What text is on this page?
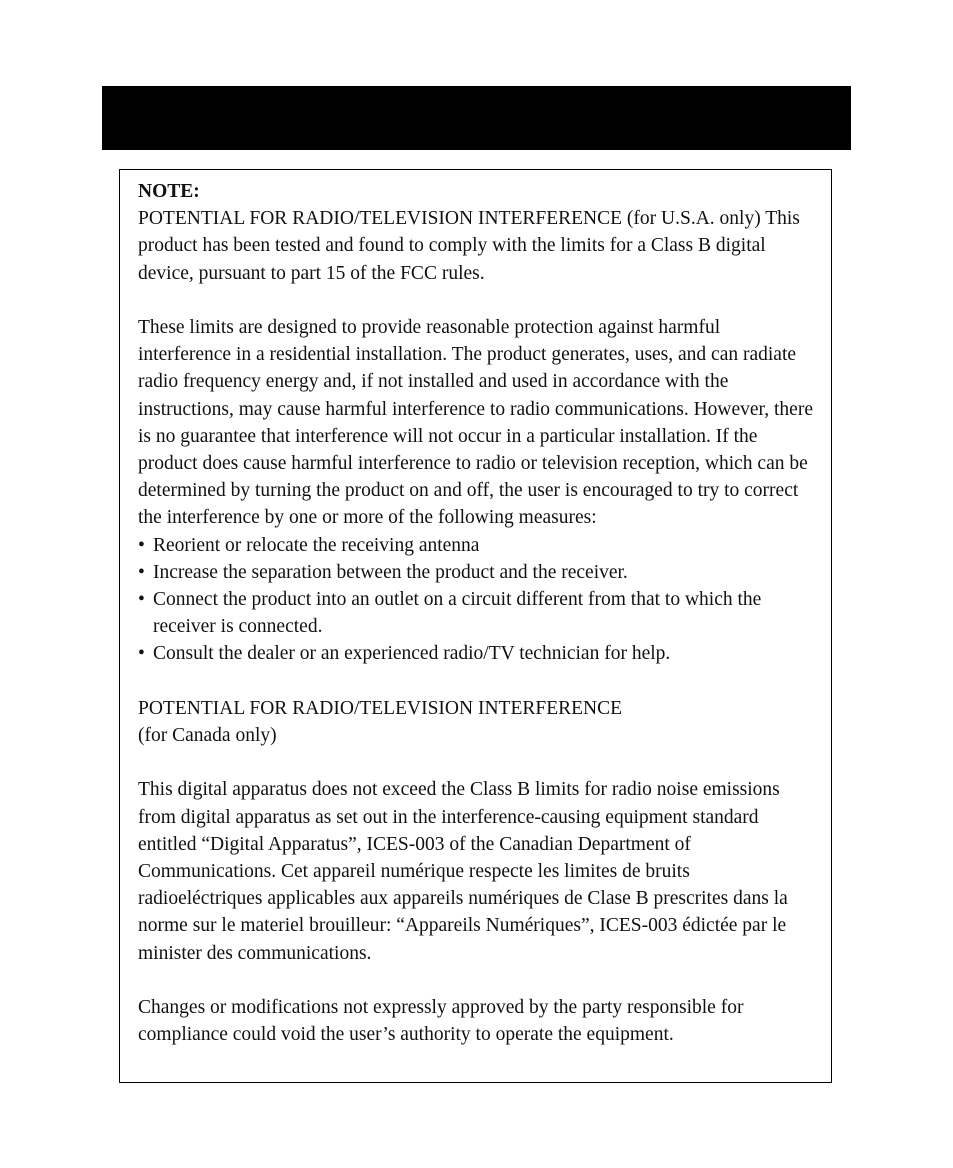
NOTE:

POTENTIAL FOR RADIO/TELEVISION INTERFERENCE (for U.S.A. only) This product has been tested and found to comply with the limits for a Class B digital device, pursuant to part 15 of the FCC rules.

These limits are designed to provide reasonable protection against harmful interference in a residential installation. The product generates, uses, and can radiate radio frequency energy and, if not installed and used in accordance with the instructions, may cause harmful interference to radio communications. However, there is no guarantee that interference will not occur in a particular installation. If the product does cause harmful interference to radio or television reception, which can be determined by turning the product on and off, the user is encouraged to try to correct the interference by one or more of the following measures:

• Reorient or relocate the receiving antenna
• Increase the separation between the product and the receiver.
• Connect the product into an outlet on a circuit different from that to which the receiver is connected.
• Consult the dealer or an experienced radio/TV technician for help.

POTENTIAL FOR RADIO/TELEVISION INTERFERENCE

(for Canada only)

This digital apparatus does not exceed the Class B limits for radio noise emissions from digital apparatus as set out in the interference-causing equipment standard entitled “Digital Apparatus”, ICES-003 of the Canadian Department of Communications. Cet appareil numérique respecte les limites de bruits radioeléctriques applicables aux appareils numériques de Clase B prescrites dans la norme sur le materiel brouilleur: “Appareils Numériques”, ICES-003 édictée par le minister des communications.

Changes or modifications not expressly approved by the party responsible for compliance could void the user’s authority to operate the equipment.
